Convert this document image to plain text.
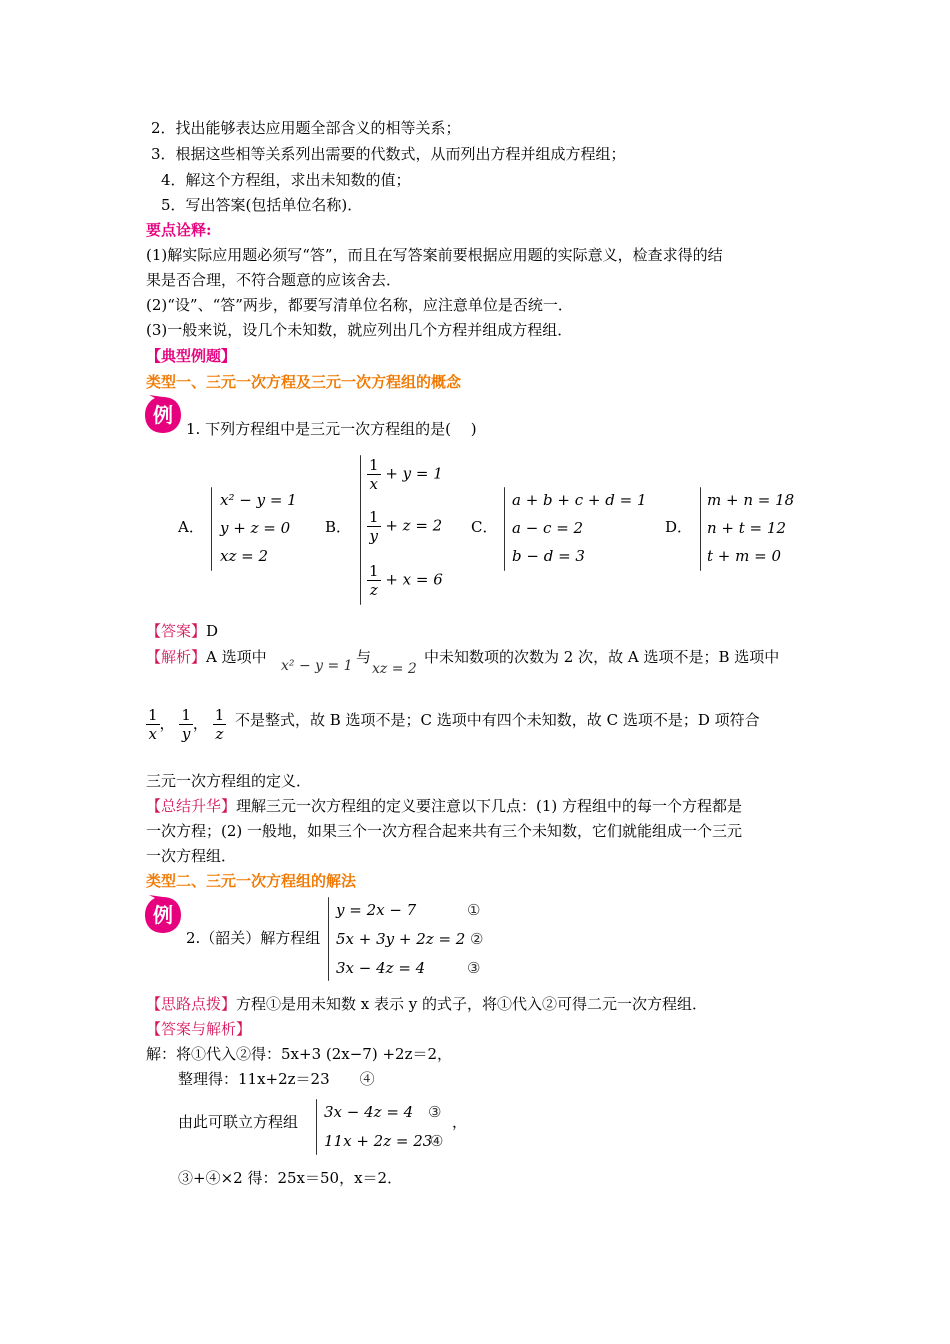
2．找出能够表达应用题全部含义的相等关系；
3．根据这些相等关系列出需要的代数式，从而列出方程并组成方程组；
4．解这个方程组，求出未知数的值；
5．写出答案(包括单位名称)．
要点诠释:
(1)解实际应用题必须写“答”，而且在写答案前要根据应用题的实际意义，检查求得的结
果是否合理，不符合题意的应该舍去．
(2)“设”、“答”两步，都要写清单位名称，应注意单位是否统一．
(3)一般来说，设几个未知数，就应列出几个方程并组成方程组．
【典型例题】
类型一、三元一次方程及三元一次方程组的概念
例
1. 下列方程组中是三元一次方程组的是(　 )
A．
x² − y = 1
y + z = 0
xz = 2
B．
$\frac{1}{x} + y = 1$
$\frac{1}{y} + z = 2$
$\frac{1}{z} + x = 6$
C．
a + b + c + d = 1
a − c = 2
b − d = 3
D．
m + n = 18
n + t = 12
t + m = 0
【答案】D
【解析】A 选项中 x² − y = 1 与
xz = 2
中未知数项的次数为 2 次，故 A 选项不是；B 选项中
$\frac{1}{x}$ ， $\frac{1}{y}$ ， $\frac{1}{z}$ 不是整式，故 B 选项不是；C 选项中有四个未知数，故 C 选项不是；D 项符合
三元一次方程组的定义．
【总结升华】理解三元一次方程组的定义要注意以下几点：(1) 方程组中的每一个方程都是
一次方程；(2) 一般地，如果三个一次方程合起来共有三个未知数，它们就能组成一个三元
一次方程组．
类型二、三元一次方程组的解法
例
2.（韶关）解方程组
y = 2x − 7
5x + 3y + 2z = 2
3x − 4z = 4
①
②
③
【思路点拨】方程①是用未知数 x 表示 y 的式子，将①代入②可得二元一次方程组．
【答案与解析】
解：将①代入②得：5x+3 (2x−7) +2z＝2，
整理得：11x+2z＝23　　④
由此可联立方程组
3x − 4z = 4
11x + 2z = 23
③
④
，
③+④×2 得：25x＝50，x＝2．
